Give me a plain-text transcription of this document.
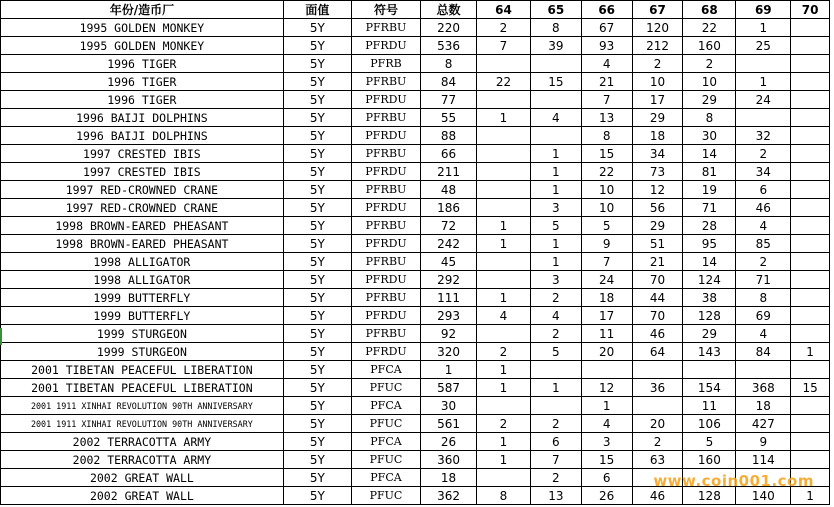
年份/造币厂	面值	符号	总数	64	65	66	67	68	69	70
1995 GOLDEN MONKEY	5Y	PFRBU	220	2	8	67	120	22	1	
1995 GOLDEN MONKEY	5Y	PFRDU	536	7	39	93	212	160	25	
1996 TIGER	5Y	PFRB	8			4	2	2		
1996 TIGER	5Y	PFRBU	84	22	15	21	10	10	1	
1996 TIGER	5Y	PFRDU	77			7	17	29	24	
1996 BAIJI DOLPHINS	5Y	PFRBU	55	1	4	13	29	8		
1996 BAIJI DOLPHINS	5Y	PFRDU	88			8	18	30	32	
1997 CRESTED IBIS	5Y	PFRBU	66		1	15	34	14	2	
1997 CRESTED IBIS	5Y	PFRDU	211		1	22	73	81	34	
1997 RED-CROWNED CRANE	5Y	PFRBU	48		1	10	12	19	6	
1997 RED-CROWNED CRANE	5Y	PFRDU	186		3	10	56	71	46	
1998 BROWN-EARED PHEASANT	5Y	PFRBU	72	1	5	5	29	28	4	
1998 BROWN-EARED PHEASANT	5Y	PFRDU	242	1	1	9	51	95	85	
1998 ALLIGATOR	5Y	PFRBU	45		1	7	21	14	2	
1998 ALLIGATOR	5Y	PFRDU	292		3	24	70	124	71	
1999 BUTTERFLY	5Y	PFRBU	111	1	2	18	44	38	8	
1999 BUTTERFLY	5Y	PFRDU	293	4	4	17	70	128	69	
1999 STURGEON	5Y	PFRBU	92		2	11	46	29	4	
1999 STURGEON	5Y	PFRDU	320	2	5	20	64	143	84	1
2001 TIBETAN PEACEFUL LIBERATION	5Y	PFCA	1	1						
2001 TIBETAN PEACEFUL LIBERATION	5Y	PFUC	587	1	1	12	36	154	368	15
2001 1911 XINHAI REVOLUTION 90TH ANNIVERSARY	5Y	PFCA	30			1		11	18	
2001 1911 XINHAI REVOLUTION 90TH ANNIVERSARY	5Y	PFUC	561	2	2	4	20	106	427	
2002 TERRACOTTA ARMY	5Y	PFCA	26	1	6	3	2	5	9	
2002 TERRACOTTA ARMY	5Y	PFUC	360	1	7	15	63	160	114	
2002 GREAT WALL	5Y	PFCA	18		2	6				
2002 GREAT WALL	5Y	PFUC	362	8	13	26	46	128	140	1
www.coin001.com
